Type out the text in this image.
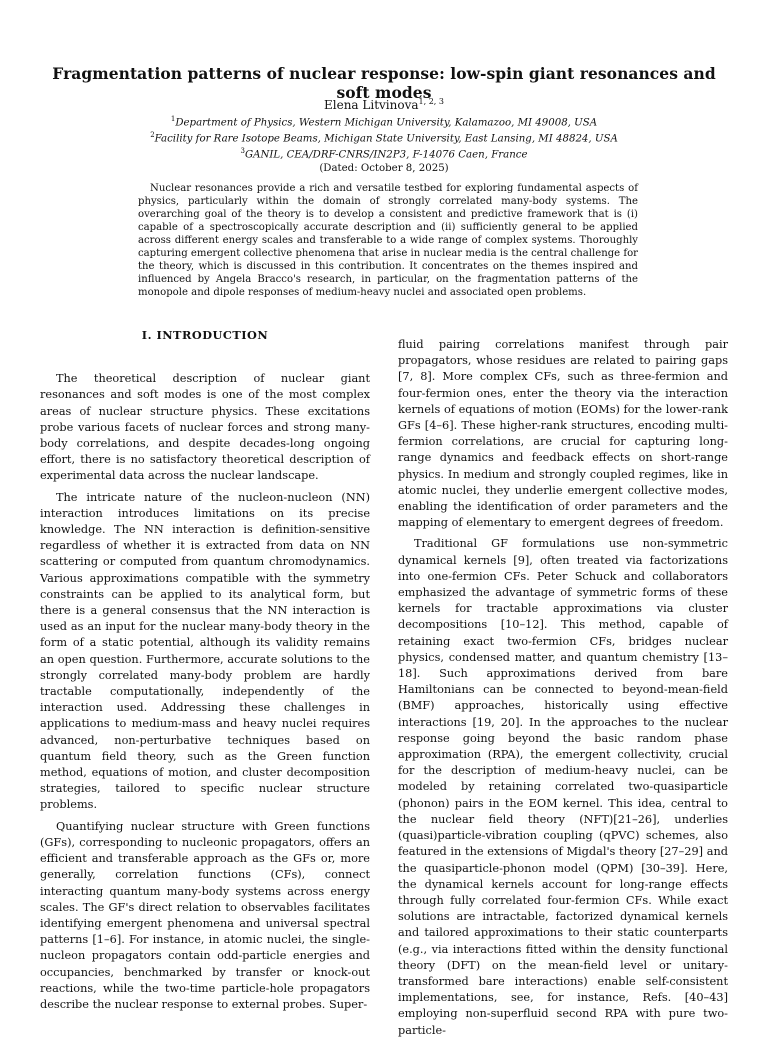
Fragmentation patterns of nuclear response: low-spin giant resonances and soft modes
Elena Litvinova$^{1, 2, 3}$
$^1$Department of Physics, Western Michigan University, Kalamazoo, MI 49008, USA
$^2$Facility for Rare Isotope Beams, Michigan State University, East Lansing, MI 48824, USA
$^3$GANIL, CEA/DRF-CNRS/IN2P3, F-14076 Caen, France
(Dated: October 8, 2025)
Nuclear resonances provide a rich and versatile testbed for exploring fundamental aspects of physics, particularly within the domain of strongly correlated many-body systems. The overarching goal of the theory is to develop a consistent and predictive framework that is (i) capable of a spectroscopically accurate description and (ii) sufficiently general to be applied across different energy scales and transferable to a wide range of complex systems. Thoroughly capturing emergent collective phenomena that arise in nuclear media is the central challenge for the theory, which is discussed in this contribution. It concentrates on the themes inspired and influenced by Angela Bracco's research, in particular, on the fragmentation patterns of the monopole and dipole responses of medium-heavy nuclei and associated open problems.
I. INTRODUCTION

The theoretical description of nuclear giant resonances and soft modes is one of the most complex areas of nuclear structure physics. These excitations probe various facets of nuclear forces and strong many-body correlations, and despite decades-long ongoing effort, there is no satisfactory theoretical description of experimental data across the nuclear landscape.

The intricate nature of the nucleon-nucleon (NN) interaction introduces limitations on its precise knowledge. The NN interaction is definition-sensitive regardless of whether it is extracted from data on NN scattering or computed from quantum chromodynamics. Various approximations compatible with the symmetry constraints can be applied to its analytical form, but there is a general consensus that the NN interaction is used as an input for the nuclear many-body theory in the form of a static potential, although its validity remains an open question. Furthermore, accurate solutions to the strongly correlated many-body problem are hardly tractable computationally, independently of the interaction used. Addressing these challenges in applications to medium-mass and heavy nuclei requires advanced, non-perturbative techniques based on quantum field theory, such as the Green function method, equations of motion, and cluster decomposition strategies, tailored to specific nuclear structure problems.

Quantifying nuclear structure with Green functions (GFs), corresponding to nucleonic propagators, offers an efficient and transferable approach as the GFs or, more generally, correlation functions (CFs), connect interacting quantum many-body systems across energy scales. The GF's direct relation to observables facilitates identifying emergent phenomena and universal spectral patterns [1–6]. For instance, in atomic nuclei, the single-nucleon propagators contain odd-particle energies and occupancies, benchmarked by transfer or knock-out reactions, while the two-time particle-hole propagators describe the nuclear response to external probes. Super-

fluid pairing correlations manifest through pair propagators, whose residues are related to pairing gaps [7, 8]. More complex CFs, such as three-fermion and four-fermion ones, enter the theory via the interaction kernels of equations of motion (EOMs) for the lower-rank GFs [4–6]. These higher-rank structures, encoding multi-fermion correlations, are crucial for capturing long-range dynamics and feedback effects on short-range physics. In medium and strongly coupled regimes, like in atomic nuclei, they underlie emergent collective modes, enabling the identification of order parameters and the mapping of elementary to emergent degrees of freedom.

Traditional GF formulations use non-symmetric dynamical kernels [9], often treated via factorizations into one-fermion CFs. Peter Schuck and collaborators emphasized the advantage of symmetric forms of these kernels for tractable approximations via cluster decompositions [10–12]. This method, capable of retaining exact two-fermion CFs, bridges nuclear physics, condensed matter, and quantum chemistry [13–18]. Such approximations derived from bare Hamiltonians can be connected to beyond-mean-field (BMF) approaches, historically using effective interactions [19, 20]. In the approaches to the nuclear response going beyond the basic random phase approximation (RPA), the emergent collectivity, crucial for the description of medium-heavy nuclei, can be modeled by retaining correlated two-quasiparticle (phonon) pairs in the EOM kernel. This idea, central to the nuclear field theory (NFT)[21–26], underlies (quasi)particle-vibration coupling (qPVC) schemes, also featured in the extensions of Migdal's theory [27–29] and the quasiparticle-phonon model (QPM) [30–39]. Here, the dynamical kernels account for long-range effects through fully correlated four-fermion CFs. While exact solutions are intractable, factorized dynamical kernels and tailored approximations to their static counterparts (e.g., via interactions fitted within the density functional theory (DFT) on the mean-field level or unitary-transformed bare interactions) enable self-consistent implementations, see, for instance, Refs. [40–43] employing non-superfluid second RPA with pure two-particle-
